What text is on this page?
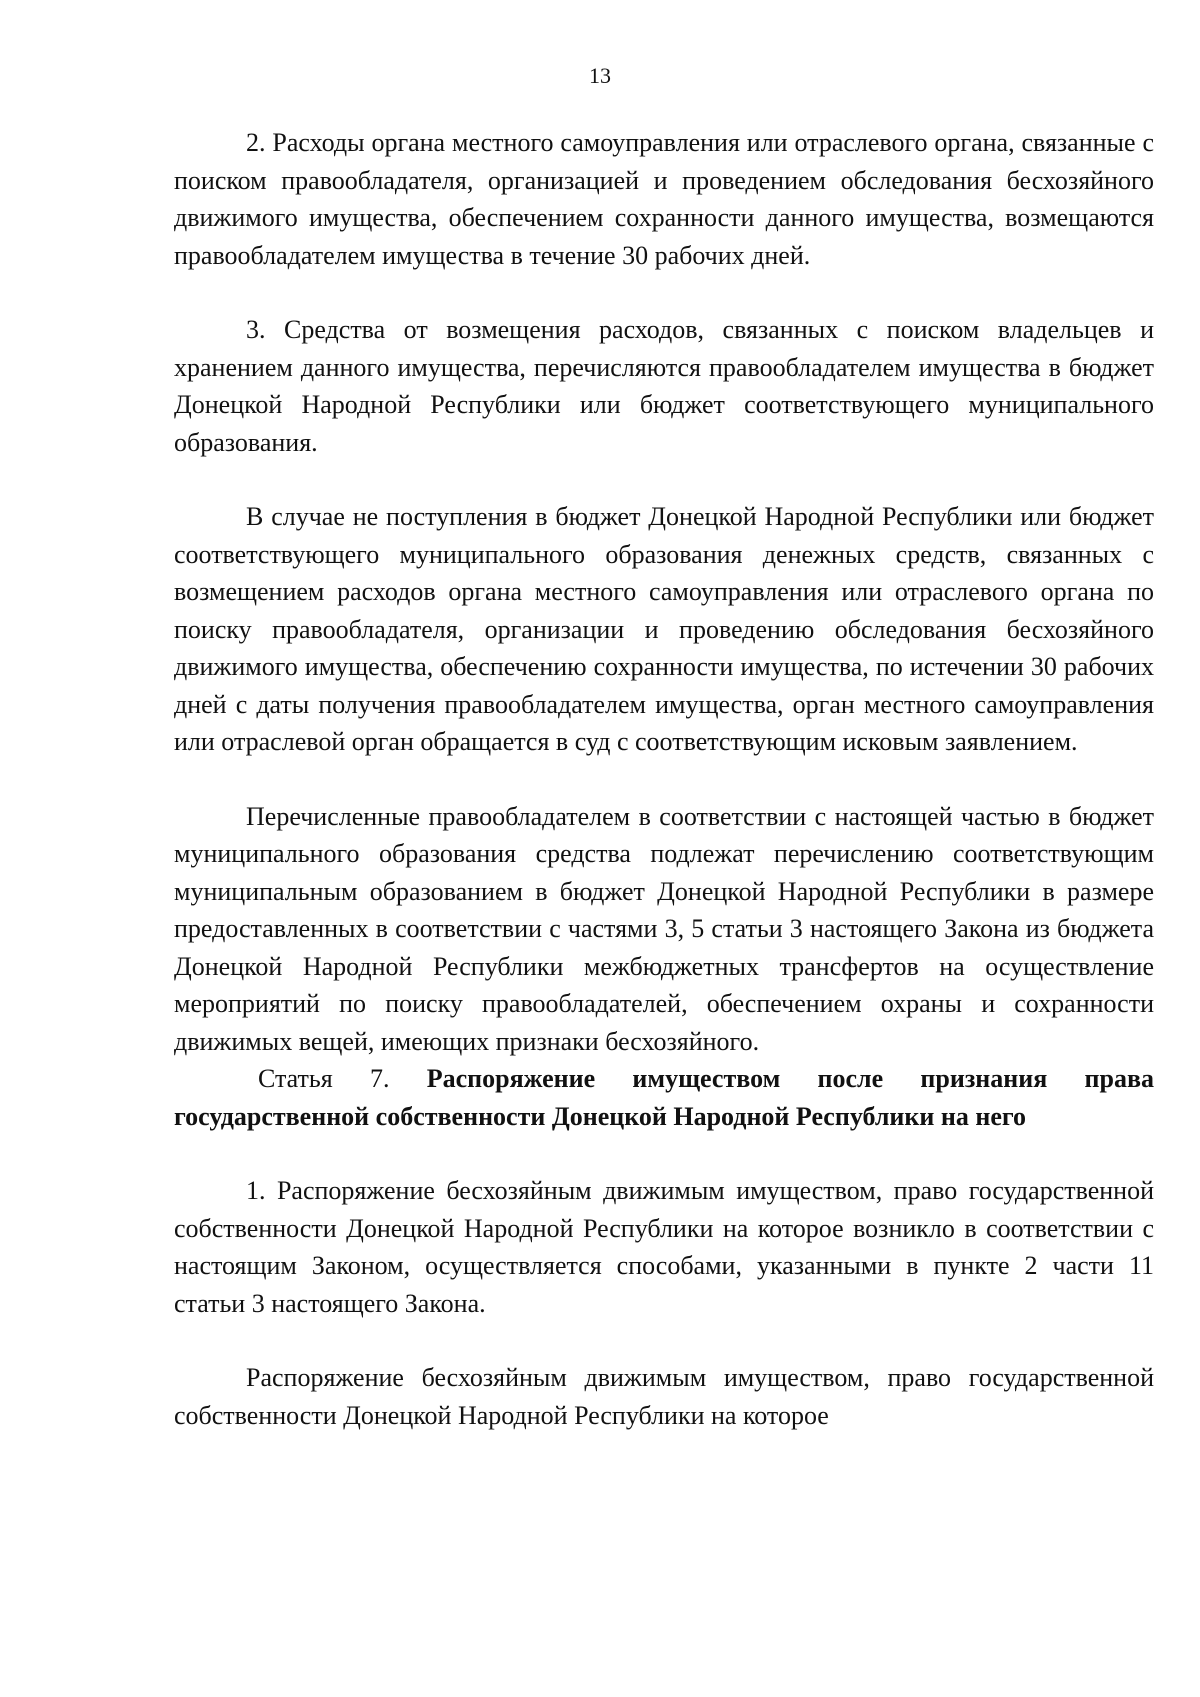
13

2. Расходы органа местного самоуправления или отраслевого органа, связанные с поиском правообладателя, организацией и проведением обследования бесхозяйного движимого имущества, обеспечением сохранности данного имущества, возмещаются правообладателем имущества в течение 30 рабочих дней.

3. Средства от возмещения расходов, связанных с поиском владельцев и хранением данного имущества, перечисляются правообладателем имущества в бюджет Донецкой Народной Республики или бюджет соответствующего муниципального образования.

В случае не поступления в бюджет Донецкой Народной Республики или бюджет соответствующего муниципального образования денежных средств, связанных с возмещением расходов органа местного самоуправления или отраслевого органа по поиску правообладателя, организации и проведению обследования бесхозяйного движимого имущества, обеспечению сохранности имущества, по истечении 30 рабочих дней с даты получения правообладателем имущества, орган местного самоуправления или отраслевой орган обращается в суд с соответствующим исковым заявлением.

Перечисленные правообладателем в соответствии с настоящей частью в бюджет муниципального образования средства подлежат перечислению соответствующим муниципальным образованием в бюджет Донецкой Народной Республики в размере предоставленных в соответствии с частями 3, 5 статьи 3 настоящего Закона из бюджета Донецкой Народной Республики межбюджетных трансфертов на осуществление мероприятий по поиску правообладателей, обеспечением охраны и сохранности движимых вещей, имеющих признаки бесхозяйного.

Статья 7. Распоряжение имуществом после признания права государственной собственности Донецкой Народной Республики на него

1. Распоряжение бесхозяйным движимым имуществом, право государственной собственности Донецкой Народной Республики на которое возникло в соответствии с настоящим Законом, осуществляется способами, указанными в пункте 2 части 11 статьи 3 настоящего Закона.

Распоряжение бесхозяйным движимым имуществом, право государственной собственности Донецкой Народной Республики на которое
